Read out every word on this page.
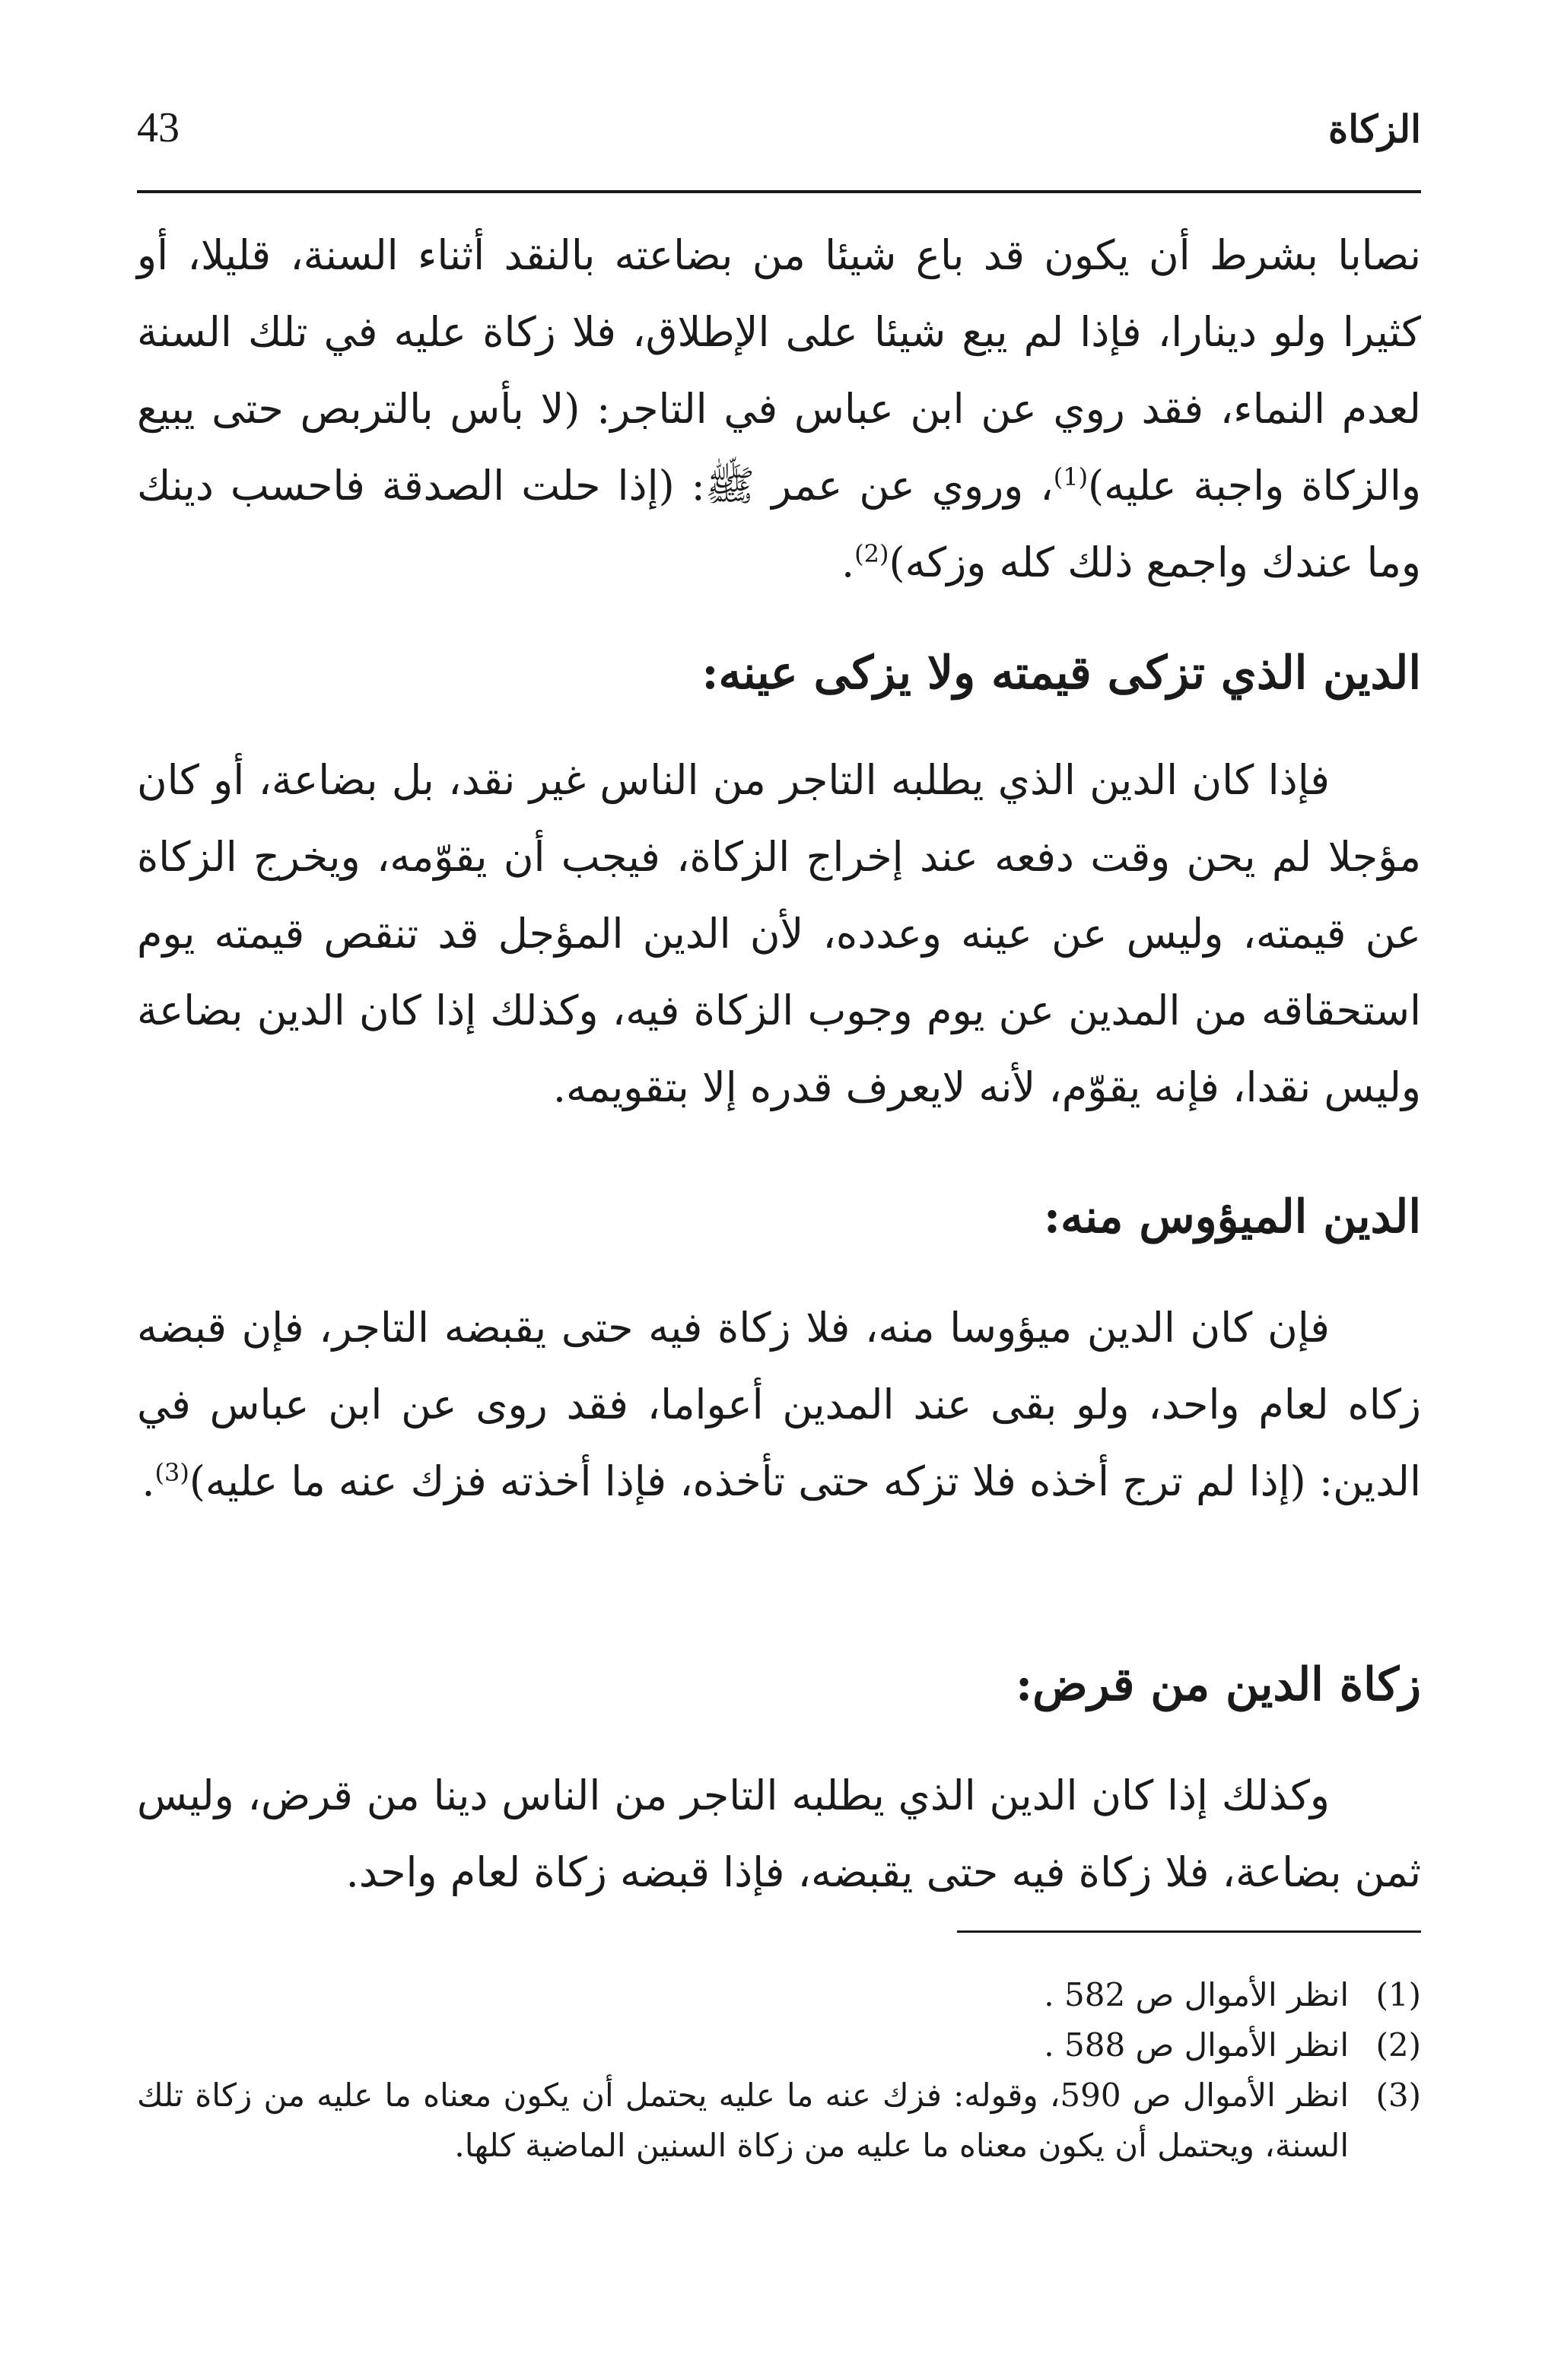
الزكاة
43

نصابا بشرط أن يكون قد باع شيئا من بضاعته بالنقد أثناء السنة، قليلا، أو كثيرا ولو دينارا، فإذا لم يبع شيئا على الإطلاق، فلا زكاة عليه في تلك السنة لعدم النماء، فقد روي عن ابن عباس في التاجر: (لا بأس بالتربص حتى يبيع والزكاة واجبة عليه)$^{(1)}$، وروي عن عمر ﷺ: (إذا حلت الصدقة فاحسب دينك وما عندك واجمع ذلك كله وزكه)$^{(2)}$.

الدين الذي تزكى قيمته ولا يزكى عينه:

فإذا كان الدين الذي يطلبه التاجر من الناس غير نقد، بل بضاعة، أو كان مؤجلا لم يحن وقت دفعه عند إخراج الزكاة، فيجب أن يقوّمه، ويخرج الزكاة عن قيمته، وليس عن عينه وعدده، لأن الدين المؤجل قد تنقص قيمته يوم استحقاقه من المدين عن يوم وجوب الزكاة فيه، وكذلك إذا كان الدين بضاعة وليس نقدا، فإنه يقوّم، لأنه لايعرف قدره إلا بتقويمه.

الدين الميؤوس منه:

فإن كان الدين ميؤوسا منه، فلا زكاة فيه حتى يقبضه التاجر، فإن قبضه زكاه لعام واحد، ولو بقى عند المدين أعواما، فقد روى عن ابن عباس في الدين: (إذا لم ترج أخذه فلا تزكه حتى تأخذه، فإذا أخذته فزك عنه ما عليه)$^{(3)}$.

زكاة الدين من قرض:

وكذلك إذا كان الدين الذي يطلبه التاجر من الناس دينا من قرض، وليس ثمن بضاعة، فلا زكاة فيه حتى يقبضه، فإذا قبضه زكاة لعام واحد.

(1)
انظر الأموال ص 582 .
(2)
انظر الأموال ص 588 .
(3)
انظر الأموال ص 590، وقوله: فزك عنه ما عليه يحتمل أن يكون معناه ما عليه من زكاة تلك السنة، ويحتمل أن يكون معناه ما عليه من زكاة السنين الماضية كلها.
